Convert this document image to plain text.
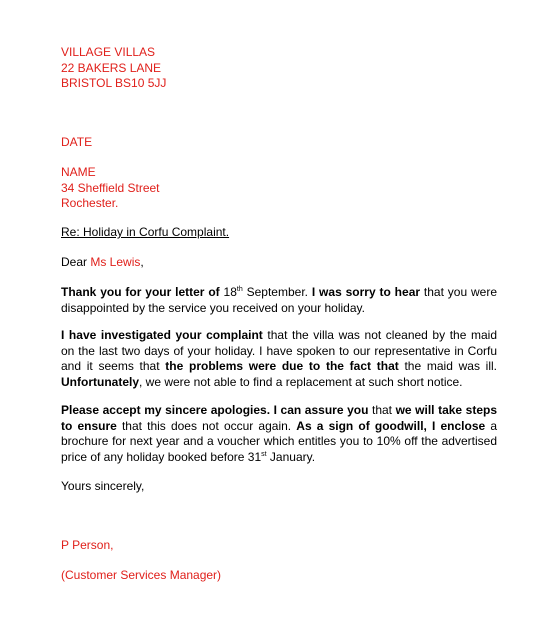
VILLAGE VILLAS
22 BAKERS LANE
BRISTOL BS10 5JJ
DATE
NAME
34 Sheffield Street
Rochester.
Re: Holiday in Corfu Complaint.
Dear Ms Lewis,

Thank you for your letter of 18th September. I was sorry to hear that you were disappointed by the service you received on your holiday.

I have investigated your complaint that the villa was not cleaned by the maid on the last two days of your holiday. I have spoken to our representative in Corfu and it seems that the problems were due to the fact that the maid was ill. Unfortunately, we were not able to find a replacement at such short notice.

Please accept my sincere apologies. I can assure you that we will take steps to ensure that this does not occur again. As a sign of goodwill, I enclose a brochure for next year and a voucher which entitles you to 10% off the advertised price of any holiday booked before 31st January.

Yours sincerely,
P Person,
(Customer Services Manager)
